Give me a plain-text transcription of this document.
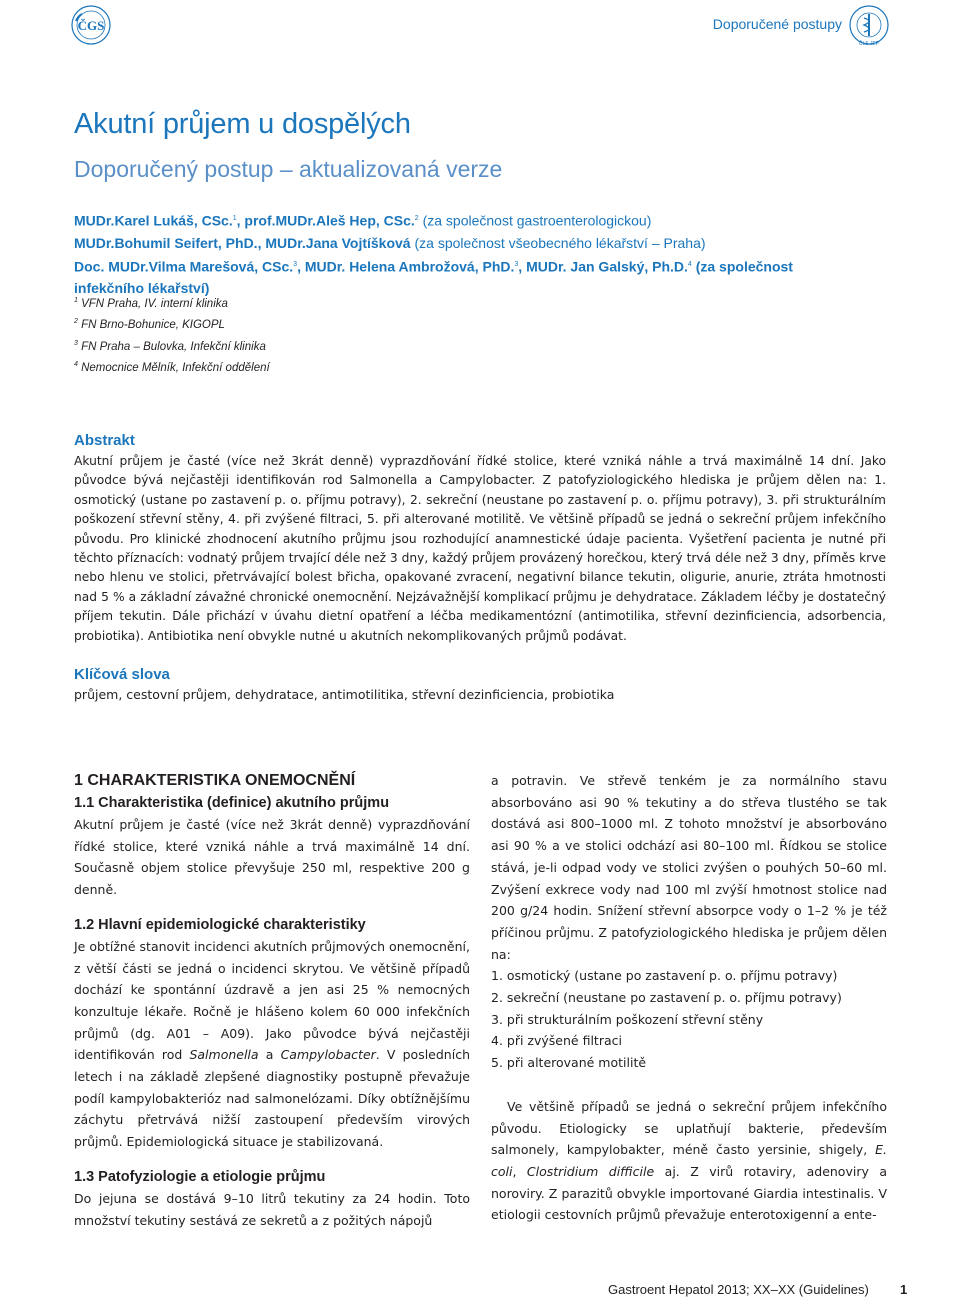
ČGS
ČLS JEP
Doporučené postupy
Akutní průjem u dospělých

Doporučený postup – aktualizovaná verze

MUDr.Karel Lukáš, CSc.$^1$, prof.MUDr.Aleš Hep, CSc.$^2$ (za společnost gastroenterologickou)
MUDr.Bohumil Seifert, PhD., MUDr.Jana Vojtíšková (za společnost všeobecného lékařství – Praha)
Doc. MUDr.Vilma Marešová, CSc.$^3$, MUDr. Helena Ambrožová, PhD.$^3$, MUDr. Jan Galský, Ph.D.$^4$ (za společnost infekčního lékařství)
$^1$ VFN Praha, IV. interní klinika
$^2$ FN Brno-Bohunice, KIGOPL
$^3$ FN Praha – Bulovka, Infekční klinika
$^4$ Nemocnice Mělník, Infekční oddělení
Abstrakt

Akutní průjem je časté (více než 3krát denně) vyprazdňování řídké stolice, které vzniká náhle a trvá maximálně 14 dní. Jako původce bývá nejčastěji identifikován rod Salmonella a Campylobacter. Z patofyziologického hlediska je průjem dělen na: 1. osmotický (ustane po zastavení p. o. příjmu potravy), 2. sekreční (neustane po zastavení p. o. příjmu potravy), 3. při strukturálním poškození střevní stěny, 4. při zvýšené filtraci, 5. při alterované motilitě. Ve většině případů se jedná o sekreční průjem infekčního původu. Pro klinické zhodnocení akutního průjmu jsou rozhodující anamnestické údaje pacienta. Vyšetření pacienta je nutné při těchto příznacích: vodnatý průjem trvající déle než 3 dny, každý průjem provázený horečkou, který trvá déle než 3 dny, příměs krve nebo hlenu ve stolici, přetrvávající bolest břicha, opakované zvracení, negativní bilance tekutin, oligurie, anurie, ztráta hmotnosti nad 5 % a základní závažné chronické onemocnění. Nejzávažnější komplikací průjmu je dehydratace. Základem léčby je dostatečný příjem tekutin. Dále přichází v úvahu dietní opatření a léčba medikamentózní (antimotilika, střevní dezinficiencia, adsorbencia, probiotika). Antibiotika není obvykle nutné u akutních nekomplikovaných průjmů podávat.

Klíčová slova

průjem, cestovní průjem, dehydratace, antimotilitika, střevní dezinficiencia, probiotika

1 CHARAKTERISTIKA ONEMOCNĚNÍ
1.1 Charakteristika (definice) akutního průjmu

Akutní průjem je časté (více než 3krát denně) vyprazdňování řídké stolice, které vzniká náhle a trvá maximálně 14 dní. Současně objem stolice převyšuje 250 ml, respektive 200 g denně.

1.2 Hlavní epidemiologické charakteristiky

Je obtížné stanovit incidenci akutních průjmových onemocnění, z větší části se jedná o incidenci skrytou. Ve většině případů dochází ke spontánní úzdravě a jen asi 25 % nemocných konzultuje lékaře. Ročně je hlášeno kolem 60 000 infekčních průjmů (dg. A01 – A09). Jako původce bývá nejčastěji identifikován rod Salmonella a Campylobacter. V posledních letech i na základě zlepšené diagnostiky postupně převažuje podíl kampylobakterióz nad salmonelózami. Díky obtížnějšímu záchytu přetrvává nižší zastoupení především virových průjmů. Epidemiologická situace je stabilizovaná.

1.3 Patofyziologie a etiologie průjmu

Do jejuna se dostává 9–10 litrů tekutiny za 24 hodin. Toto množství tekutiny sestává ze sekretů a z požitých nápojů

a potravin. Ve střevě tenkém je za normálního stavu absorbováno asi 90 % tekutiny a do střeva tlustého se tak dostává asi 800–1000 ml. Z tohoto množství je absorbováno asi 90 % a ve stolici odchází asi 80–100 ml. Řídkou se stolice stává, je-li odpad vody ve stolici zvýšen o pouhých 50–60 ml. Zvýšení exkrece vody nad 100 ml zvýší hmotnost stolice nad 200 g/24 hodin. Snížení střevní absorpce vody o 1–2 % je též příčinou průjmu. Z patofyziologického hlediska je průjem dělen na:

1. osmotický (ustane po zastavení p. o. příjmu potravy)
2. sekreční (neustane po zastavení p. o. příjmu potravy)
3. při strukturálním poškození střevní stěny
4. při zvýšené filtraci
5. při alterované motilitě

Ve většině případů se jedná o sekreční průjem infekčního původu. Etiologicky se uplatňují bakterie, především salmonely, kampylobakter, méně často yersinie, shigely, E. coli, Clostridium difficile aj. Z virů rotaviry, adenoviry a noroviry. Z parazitů obvykle importované Giardia intestinalis. V etiologii cestovních průjmů převažuje enterotoxigenní a ente-

Gastroent Hepatol 2013; XX–XX (Guidelines) 1
